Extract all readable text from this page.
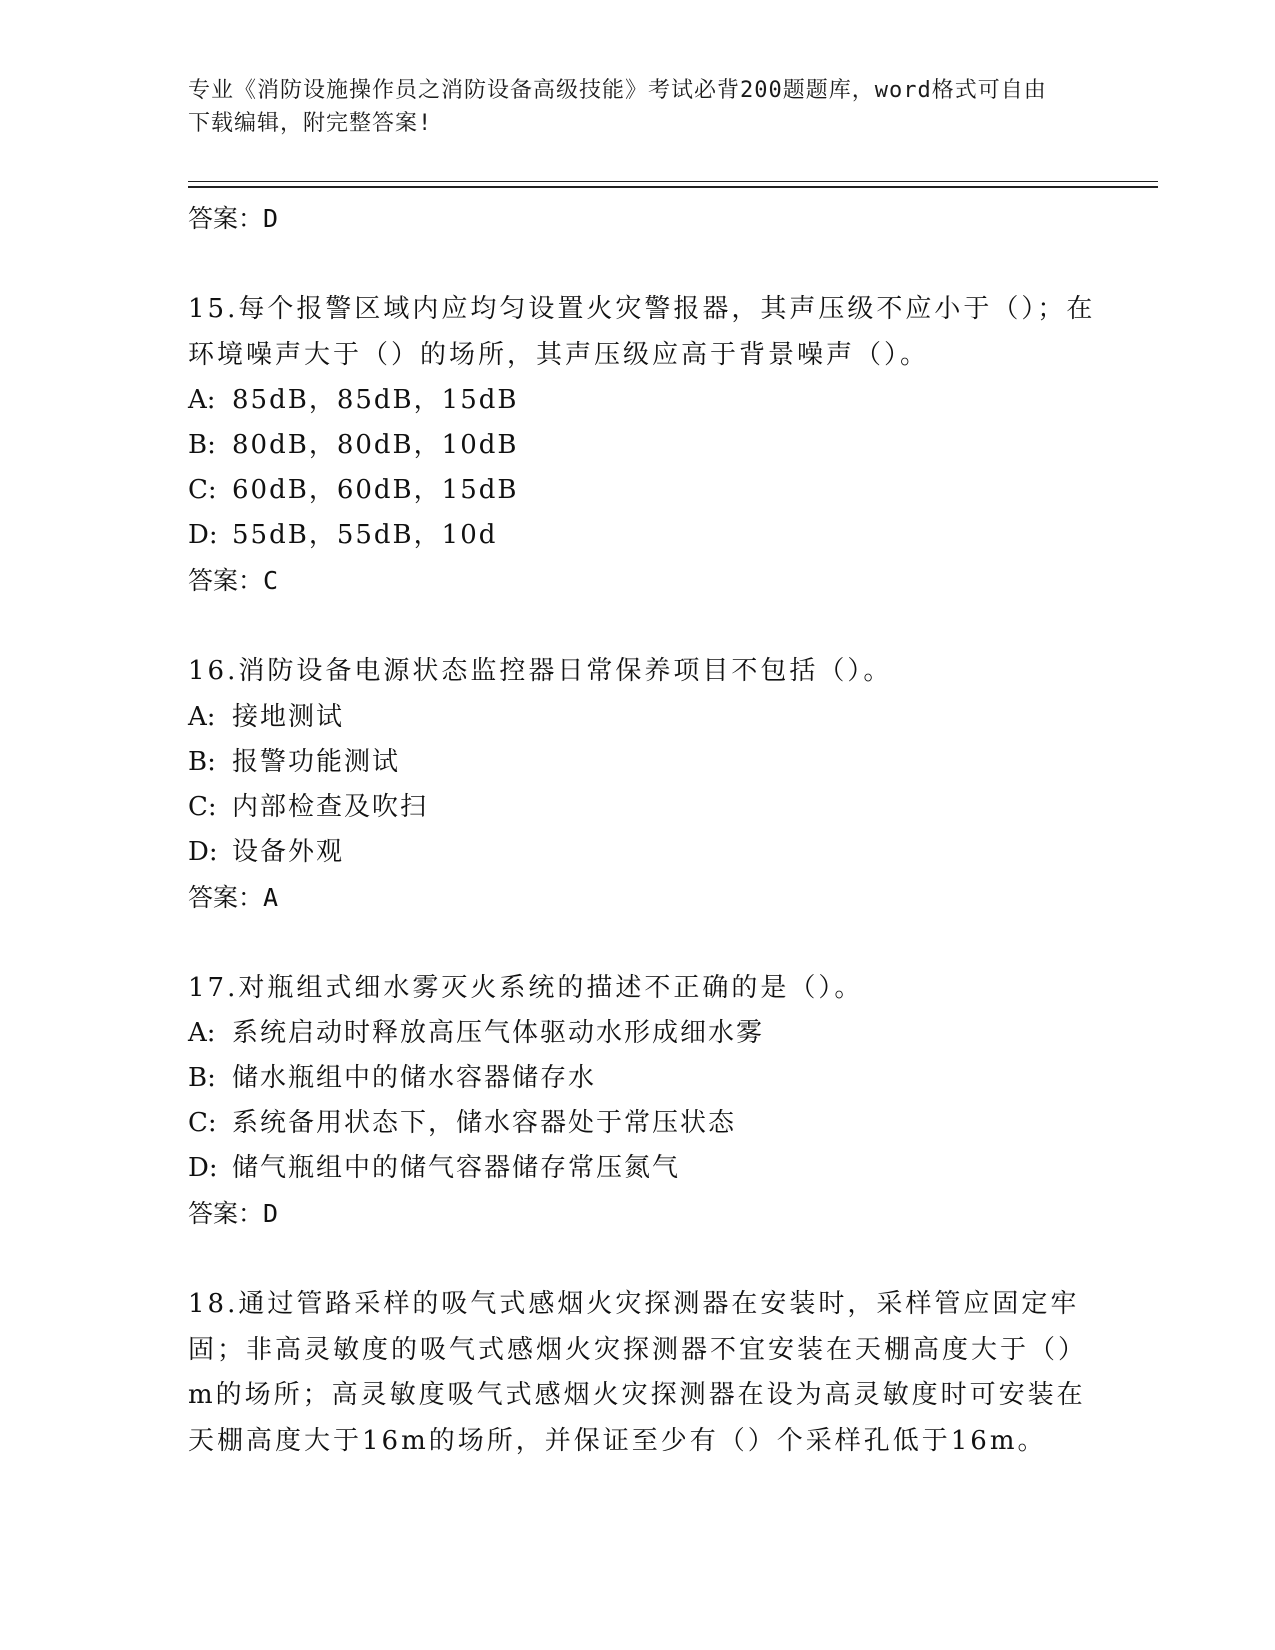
专业《消防设施操作员之消防设备高级技能》考试必背200题题库，word格式可自由下载编辑，附完整答案!
答案：D
15.每个报警区域内应均匀设置火灾警报器，其声压级不应小于（）；在环境噪声大于（）的场所，其声压级应高于背景噪声（）。
A: 85dB，85dB，15dB
B: 80dB，80dB，10dB
C: 60dB，60dB，15dB
D: 55dB，55dB，10d
答案：C
16.消防设备电源状态监控器日常保养项目不包括（）。
A: 接地测试
B: 报警功能测试
C: 内部检查及吹扫
D: 设备外观
答案：A
17.对瓶组式细水雾灭火系统的描述不正确的是（）。
A: 系统启动时释放高压气体驱动水形成细水雾
B: 储水瓶组中的储水容器储存水
C: 系统备用状态下，储水容器处于常压状态
D: 储气瓶组中的储气容器储存常压氮气
答案：D
18.通过管路采样的吸气式感烟火灾探测器在安装时，采样管应固定牢固；非高灵敏度的吸气式感烟火灾探测器不宜安装在天棚高度大于（）m的场所；高灵敏度吸气式感烟火灾探测器在设为高灵敏度时可安装在天棚高度大于16m的场所，并保证至少有（）个采样孔低于16m。
